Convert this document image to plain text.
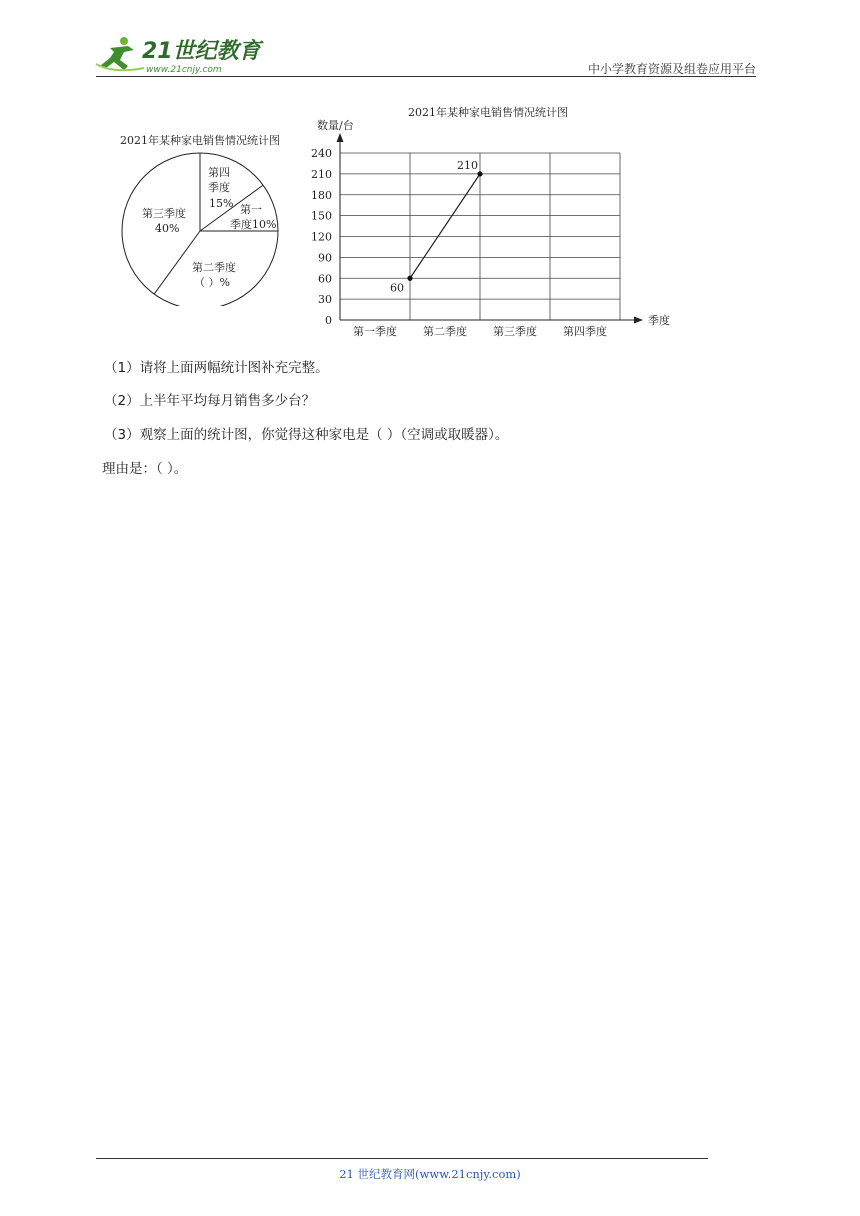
21世纪教育
www.21cnjy.com	中小学教育资源及组卷应用平台
2021年某种家电销售情况统计图
第四
季度
15% 第一
季度10%
第二季度
（ ）%
第三季度
40%
2021年某种家电销售情况统计图
数量/台
0
30
60
90
120
150
180
210
240
第一季度 第二季度 第三季度 第四季度
季度
60
210
（1）请将上面两幅统计图补充完整。
（2）上半年平均每月销售多少台？
（3）观察上面的统计图，你觉得这种家电是（ ）（空调或取暖器）。
理由是：（ ）。
21 世纪教育网(www.21cnjy.com)
